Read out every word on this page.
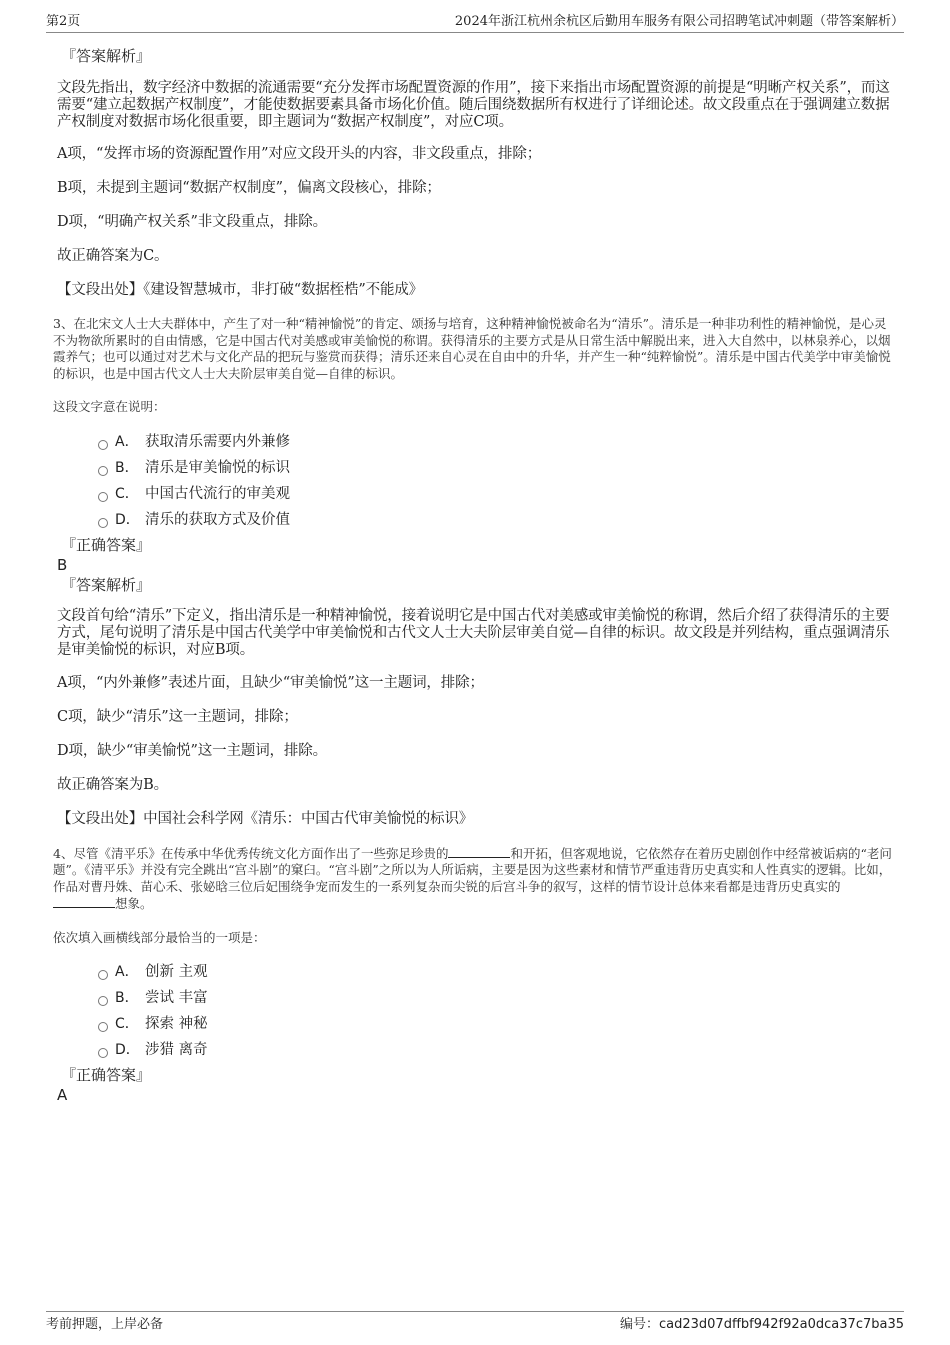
第2页	2024年浙江杭州余杭区后勤用车服务有限公司招聘笔试冲刺题（带答案解析）

『答案解析』

文段先指出，数字经济中数据的流通需要“充分发挥市场配置资源的作用”，接下来指出市场配置资源的前提是“明晰产权关系”，而这需要“建立起数据产权制度”，才能使数据要素具备市场化价值。随后围绕数据所有权进行了详细论述。故文段重点在于强调建立数据产权制度对数据市场化很重要，即主题词为“数据产权制度”，对应C项。

A项，“发挥市场的资源配置作用”对应文段开头的内容，非文段重点，排除；

B项，未提到主题词“数据产权制度”，偏离文段核心，排除；

D项，“明确产权关系”非文段重点，排除。

故正确答案为C。

【文段出处】《建设智慧城市，非打破“数据桎梏”不能成》

3、在北宋文人士大夫群体中，产生了对一种“精神愉悦”的肯定、颂扬与培育，这种精神愉悦被命名为“清乐”。清乐是一种非功利性的精神愉悦，是心灵不为物欲所累时的自由情感，它是中国古代对美感或审美愉悦的称谓。获得清乐的主要方式是从日常生活中解脱出来，进入大自然中，以林泉养心，以烟霞养气；也可以通过对艺术与文化产品的把玩与鉴赏而获得；清乐还来自心灵在自由中的升华，并产生一种“纯粹愉悦”。清乐是中国古代美学中审美愉悦的标识，也是中国古代文人士大夫阶层审美自觉—自律的标识。

这段文字意在说明：

A． 获取清乐需要内外兼修
B． 清乐是审美愉悦的标识
C． 中国古代流行的审美观
D． 清乐的获取方式及价值

『正确答案』

B

『答案解析』

文段首句给“清乐”下定义，指出清乐是一种精神愉悦，接着说明它是中国古代对美感或审美愉悦的称谓，然后介绍了获得清乐的主要方式，尾句说明了清乐是中国古代美学中审美愉悦和古代文人士大夫阶层审美自觉—自律的标识。故文段是并列结构，重点强调清乐是审美愉悦的标识，对应B项。

A项，“内外兼修”表述片面，且缺少“审美愉悦”这一主题词，排除；

C项，缺少“清乐”这一主题词，排除；

D项，缺少“审美愉悦”这一主题词，排除。

故正确答案为B。

【文段出处】中国社会科学网《清乐：中国古代审美愉悦的标识》

4、尽管《清平乐》在传承中华优秀传统文化方面作出了一些弥足珍贵的	和开拓，但客观地说，它依然存在着历史剧创作中经常被诟病的“老问题”。《清平乐》并没有完全跳出“宫斗剧”的窠臼。“宫斗剧”之所以为人所诟病，主要是因为这些素材和情节严重违背历史真实和人性真实的逻辑。比如，作品对曹丹姝、苗心禾、张妼晗三位后妃围绕争宠而发生的一系列复杂而尖锐的后宫斗争的叙写，这样的情节设计总体来看都是违背历史真实的想象。

依次填入画横线部分最恰当的一项是：

A． 创新 主观
B． 尝试 丰富
C． 探索 神秘
D． 涉猎 离奇

『正确答案』

A

考前押题，上岸必备	编号：cad23d07dffbf942f92a0dca37c7ba35
